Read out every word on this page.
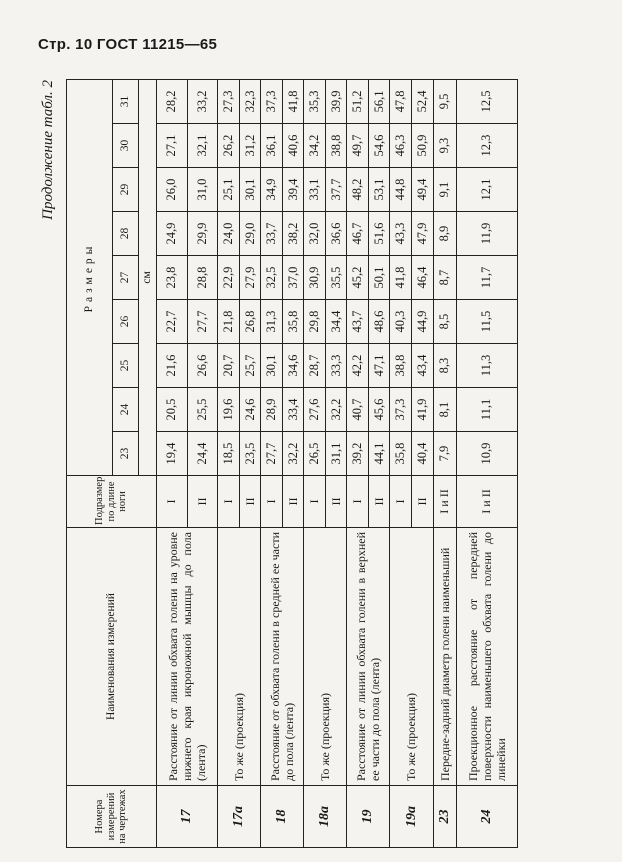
Стр. 10 ГОСТ 11215—65
Продолжение табл. 2
Номера измерений на чертежах	Наименования измерений	Подразмер по длине ноги	Размеры								
			23	24	25	26	27	28	29	30	31
			см								
17	Расстояние от линии обхвата голени на уровне нижнего края икроножной мышцы до пола (лента)	I	19,4	20,5	21,6	22,7	23,8	24,9	26,0	27,1	28,2
		II	24,4	25,5	26,6	27,7	28,8	29,9	31,0	32,1	33,2
17а	То же (проекция)	I	18,5	19,6	20,7	21,8	22,9	24,0	25,1	26,2	27,3
		II	23,5	24,6	25,7	26,8	27,9	29,0	30,1	31,2	32,3
18	Расстояние от обхвата голени в средней ее части до пола (лента)	I	27,7	28,9	30,1	31,3	32,5	33,7	34,9	36,1	37,3
		II	32,2	33,4	34,6	35,8	37,0	38,2	39,4	40,6	41,8
18а	То же (проекция)	I	26,5	27,6	28,7	29,8	30,9	32,0	33,1	34,2	35,3
		II	31,1	32,2	33,3	34,4	35,5	36,6	37,7	38,8	39,9
19	Расстояние от линии обхвата голени в верхней ее части до пола (лента)	I	39,2	40,7	42,2	43,7	45,2	46,7	48,2	49,7	51,2
		II	44,1	45,6	47,1	48,6	50,1	51,6	53,1	54,6	56,1
19а	То же (проекция)	I	35,8	37,3	38,8	40,3	41,8	43,3	44,8	46,3	47,8
		II	40,4	41,9	43,4	44,9	46,4	47,9	49,4	50,9	52,4
23	Передне-задний диаметр голени наименьший	I и II	7,9	8,1	8,3	8,5	8,7	8,9	9,1	9,3	9,5
24	Проекционное расстояние от передней поверхности наименьшего обхвата голени до линейки	I и II	10,9	11,1	11,3	11,5	11,7	11,9	12,1	12,3	12,5
